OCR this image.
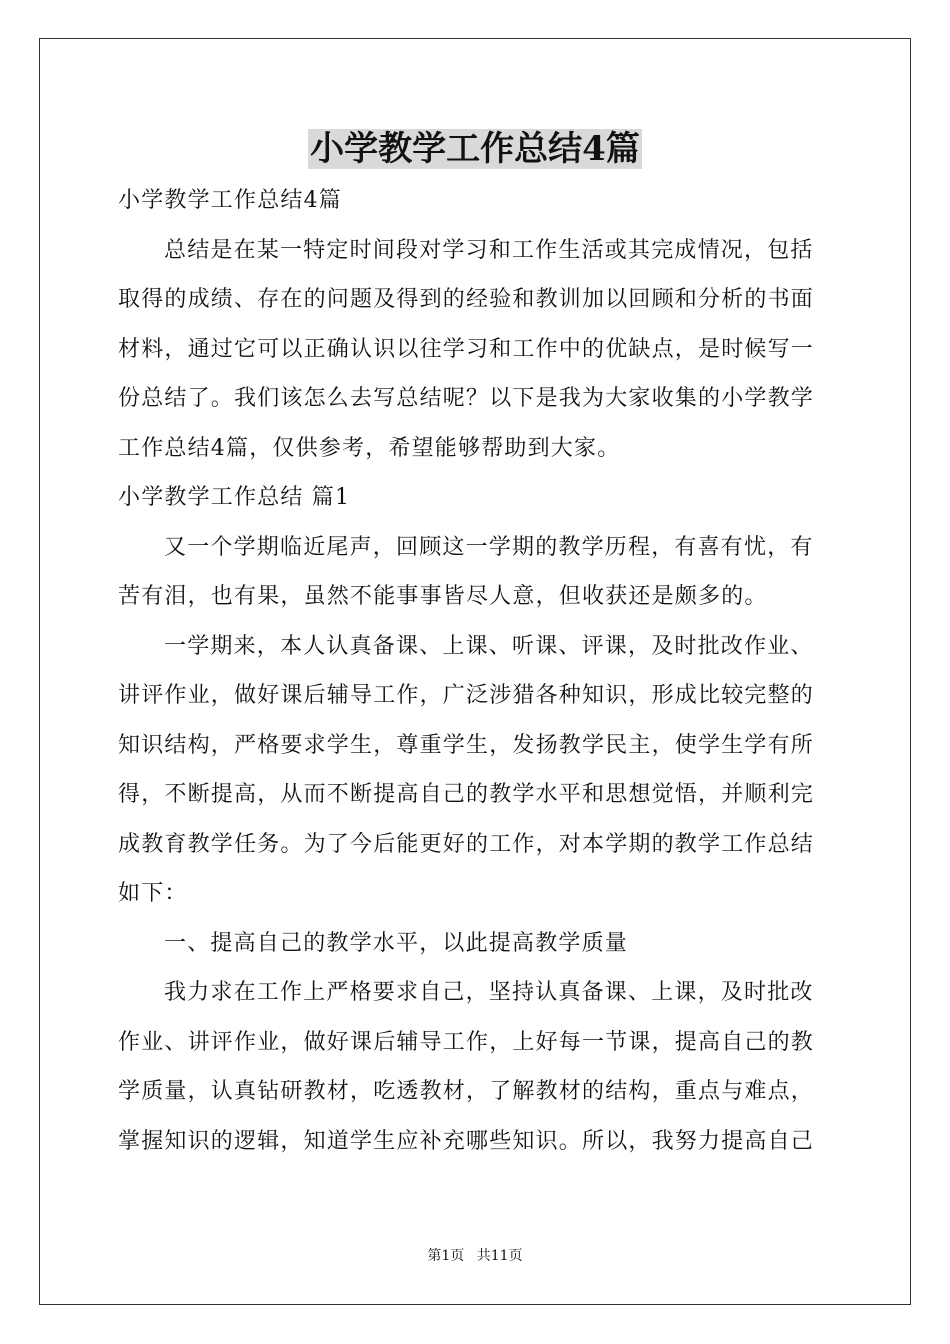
小学教学工作总结4篇

小学教学工作总结4篇

总结是在某一特定时间段对学习和工作生活或其完成情况，包括

取得的成绩、存在的问题及得到的经验和教训加以回顾和分析的书面

材料，通过它可以正确认识以往学习和工作中的优缺点，是时候写一

份总结了。我们该怎么去写总结呢？以下是我为大家收集的小学教学

工作总结4篇，仅供参考，希望能够帮助到大家。

小学教学工作总结 篇1

又一个学期临近尾声，回顾这一学期的教学历程，有喜有忧，有

苦有泪，也有果，虽然不能事事皆尽人意，但收获还是颇多的。

一学期来，本人认真备课、上课、听课、评课，及时批改作业、

讲评作业，做好课后辅导工作，广泛涉猎各种知识，形成比较完整的

知识结构，严格要求学生，尊重学生，发扬教学民主，使学生学有所

得，不断提高，从而不断提高自己的教学水平和思想觉悟，并顺利完

成教育教学任务。为了今后能更好的工作，对本学期的教学工作总结

如下：

一、提高自己的教学水平，以此提高教学质量

我力求在工作上严格要求自己，坚持认真备课、上课，及时批改

作业、讲评作业，做好课后辅导工作，上好每一节课，提高自己的教

学质量，认真钻研教材，吃透教材，了解教材的结构，重点与难点，

掌握知识的逻辑，知道学生应补充哪些知识。所以，我努力提高自己

第1页 共11页
